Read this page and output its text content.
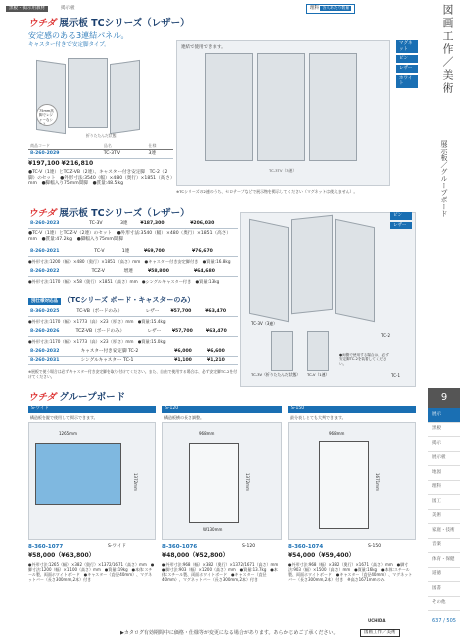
黒板・掲示用教材	掲示板	理科 各人あたり数量	図画工作／美術
展示板／グループボード
ウチダ 展示板 TCシリーズ（レザー）
安定感のある3連結パネル。
キャスター付きで安定脚タイプ。
75mm高脚でレジャーなシート
折りたたんだ状態
連結で使用できます。
TC-3TV（3連）
マグネット
ピン
レザー
ホワイト
商品コード	品名	仕様
8-260-2029	TC-3TV	3連
¥197,100 ¥216,810
●TC-V（1連）とTCZ-VB（2連）、キャスター付き安定脚　TC-2（2脚）のセット　●外形寸法:3540（幅）×480（奥行）×1851（高さ）mm　●脚幅入り75mm間脚　●質量:48.5kg
※TCシリーズの2連のうち、セロテープなどで展示物を掲示してください（マグネットは使えません）。
ウチダ 展示板 TCシリーズ（レザー）
8-260-2023	TC-3V	3連	¥187,300	¥206,030
●TC-V（1連）とTCZ-V（2連）のセット　●外形寸法:3540（幅）×480（奥行）×1851（高さ）mm　●質量:47.2kg　●脚幅入り75mm間脚
8-260-2021	TC-V	1連	¥69,700	¥76,670
●外形寸法:1200（幅）×480（奥行）×1851（高さ）mm　●キャスター付き安定脚付き　●質量:16.8kg
8-260-2022	TCZ-V	增連	¥58,800	¥64,680
●外形寸法:1170（幅）×58（奥行）×1851（高さ）mm　●シングルキャスター付き　●質量:13kg
別仕様対応品 （TCシリーズ ボード・キャスターのみ）
8-360-2025	TC-VB（ボードのみ）	レザー	¥57,700	¥63,470
●外形寸法:1170（幅）×1773（高）×23（厚さ）mm　●質量:15.4kg
8-260-2026	TCZ-VB（ボードのみ）	レザー	¥57,700	¥63,470
●外形寸法:1170（幅）×1773（高）×23（厚さ）mm　●質量:15.0kg
8-260-2032	キャスター付き安定脚 TC-2	¥6,000	¥6,600
8-260-2031	シングルキャスター TC-1	¥1,100	¥1,210
※展板で使う場合は必ずキャスター付き安定脚を取り付けてください。また、自由で使用する場合は、必ず安定脚TC-2を付けてください。
TC-3V（3連）
TC-2
TC-1
TC-3V（折りたたんだ状態） TC-V（1連）
●両側で使用する場合は、必ず安定脚TC-2を装着してください。
ピン
レザー
ウチダ グループボード
S-ワイド
構造板を縦で使用して掲示できます。
1265mm
1372mm
8-360-1077	S-ワイド
¥58,000（¥63,800）
●外形寸法:1265（幅）×382（奥行）×1372/1671（高さ）mm　●脚寸法:1200（幅）×1100（高さ）mm　●質量:19kg　●本体:スチール製、両面ホワイトボード　●キャスター（直径40mm）、マグネットバー（長さ300mm,2本）付き
S-120
構造板横の長さ調整。
968mm
1372mm
W130mm
8-360-1076	S-120
¥48,000（¥52,800）
●外形寸法:968（幅）×382（奥行）×1372/1671（高さ）mm　●脚寸法:903（幅）×1200（高さ）mm　●質量:13.7kg　●本体:スチール製、両面ホワイトボード　●キャスター（直径40mm）、マグネットバー（長さ300mm,2本）付き
S-150
最分表しとても大判できます。
968mm
1671mm
8-360-1074	S-150
¥54,000（¥59,400）
●外形寸法:968（幅）×382（奥行）×1671（高さ）mm　●脚寸法:903（幅）×1500（高さ）mm　●質量:16kg　●本体:スチール製、両面ホワイトボード　●キャスター（直径40mm）、マグネットバー（長さ300mm,2本）付き　※高さ1671mmのみ
9
展示
黒板
掲示
展示板
地図
理科
図工
美術
家庭・技術
音楽
体育・保健
道徳
図書
その他
637 / 505
▶カタログ有効期間中に価格・仕様等が変更になる場合があります。あらかじめご了承ください。	図画工作／美術
UCHIDA
